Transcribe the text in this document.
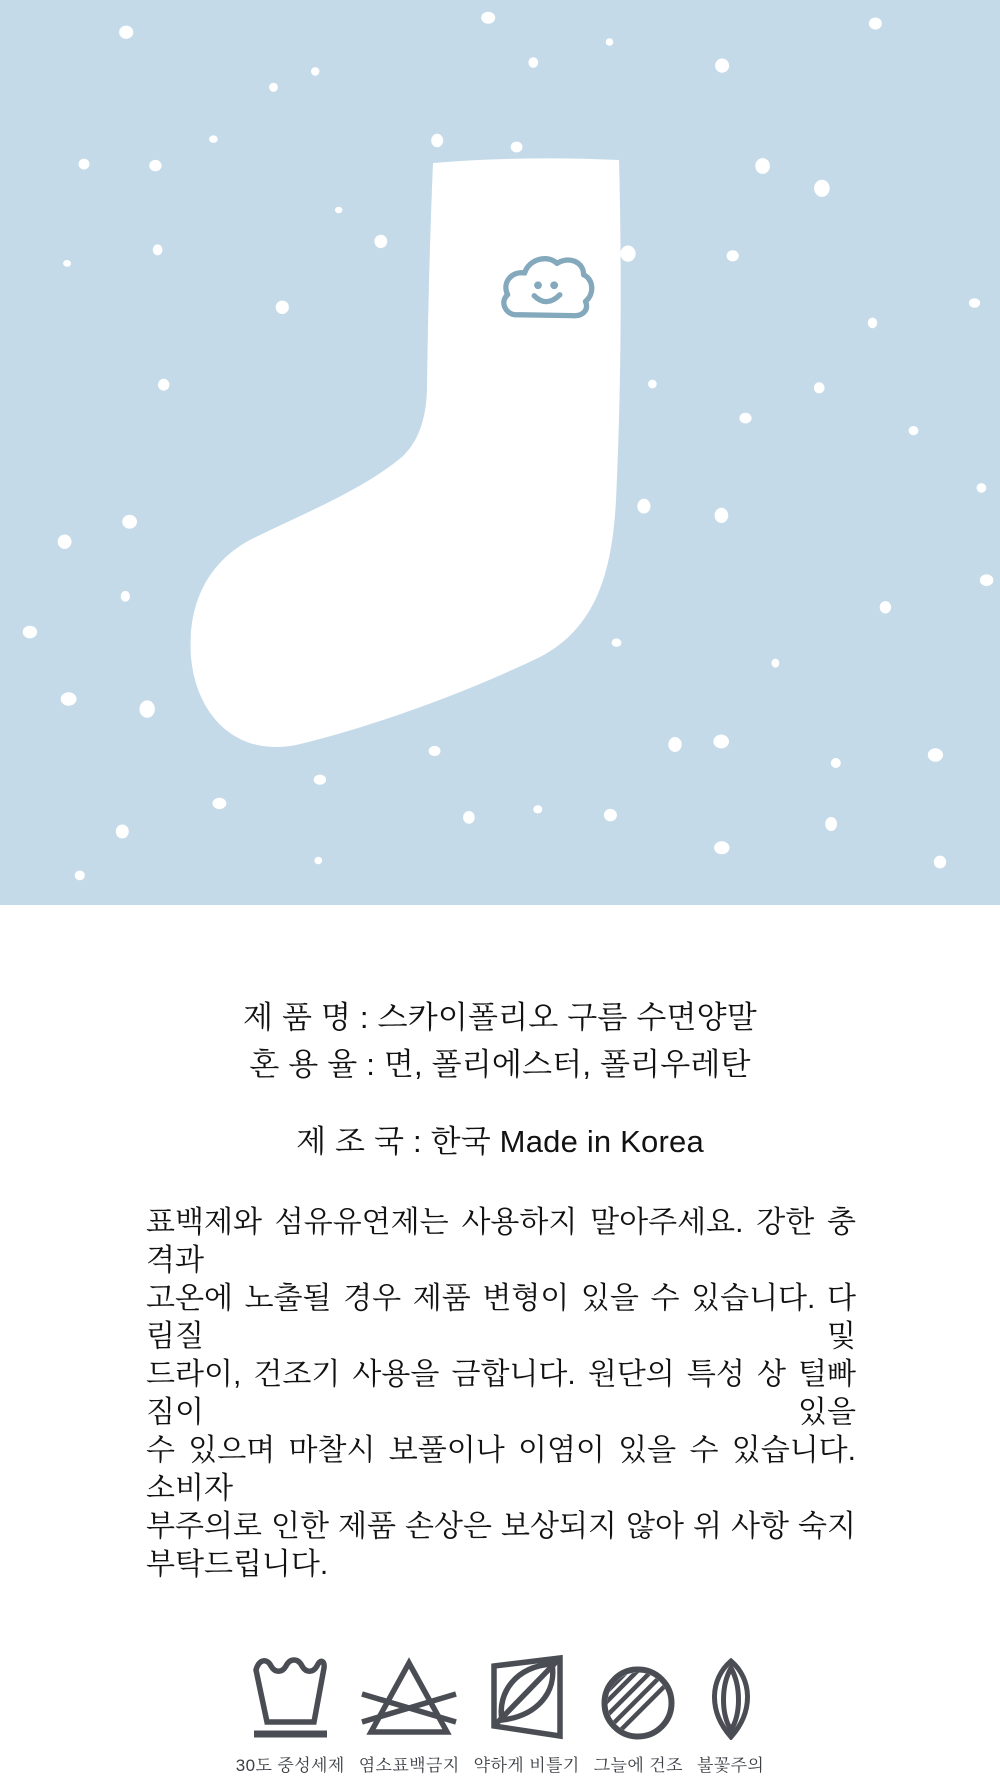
제 품 명 : 스카이폴리오 구름 수면양말
혼 용 율 : 면, 폴리에스터, 폴리우레탄
제 조 국 : 한국 Made in Korea
표백제와 섬유유연제는 사용하지 말아주세요. 강한 충격과
고온에 노출될 경우 제품 변형이 있을 수 있습니다. 다림질 및
드라이, 건조기 사용을 금합니다. 원단의 특성 상 털빠짐이 있을
수 있으며 마찰시 보풀이나 이염이 있을 수 있습니다. 소비자
부주의로 인한 제품 손상은 보상되지 않아 위 사항 숙지
부탁드립니다.
30도 중성세제 염소표백금지 약하게 비틀기 그늘에 건조 불꽃주의
